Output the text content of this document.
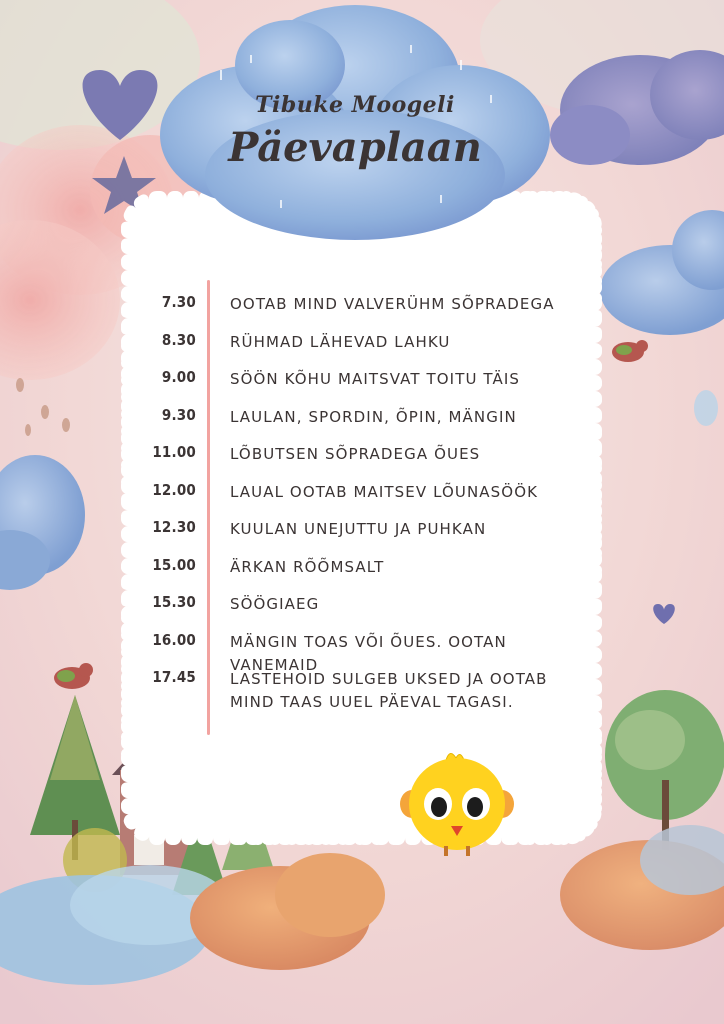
Tibuke Moogeli
Päevaplaan
7.30 OOTAB MIND VALVERÜHM SÕPRADEGA
8.30 RÜHMAD LÄHEVAD LAHKU
9.00 SÖÖN KÕHU MAITSVAT TOITU TÄIS
9.30 LAULAN, SPORDIN, ÕPIN, MÄNGIN
11.00 LÕBUTSEN SÕPRADEGA ÕUES
12.00 LAUAL OOTAB MAITSEV LÕUNASÖÖK
12.30 KUULAN UNEJUTTU JA PUHKAN
15.00 ÄRKAN RÕÕMSALT
15.30 SÖÖGIAEG
16.00 MÄNGIN TOAS VÕI ÕUES. OOTAN VANEMAID
17.45 LASTEHOID SULGEB UKSED JA OOTAB MIND TAAS UUEL PÄEVAL TAGASI.
